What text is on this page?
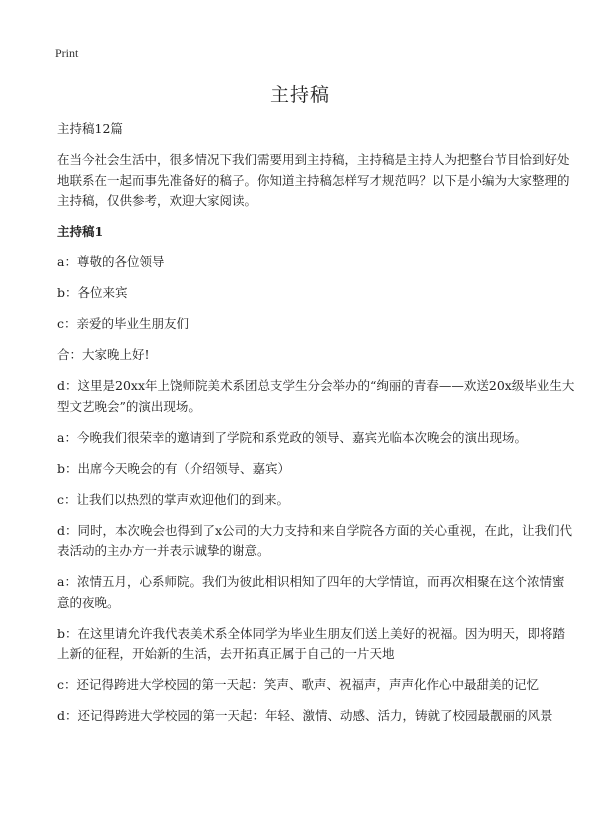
Print
主持稿

主持稿12篇

在当今社会生活中，很多情况下我们需要用到主持稿，主持稿是主持人为把整台节目恰到好处地联系在一起而事先准备好的稿子。你知道主持稿怎样写才规范吗？以下是小编为大家整理的主持稿，仅供参考，欢迎大家阅读。

主持稿1

a：尊敬的各位领导

b：各位来宾

c：亲爱的毕业生朋友们

合：大家晚上好!

d：这里是20xx年上饶师院美术系团总支学生分会举办的“绚丽的青春——欢送20x级毕业生大型文艺晚会”的演出现场。

a：今晚我们很荣幸的邀请到了学院和系党政的领导、嘉宾光临本次晚会的演出现场。

b：出席今天晚会的有（介绍领导、嘉宾）

c：让我们以热烈的掌声欢迎他们的到来。

d：同时，本次晚会也得到了x公司的大力支持和来自学院各方面的关心重视，在此，让我们代表活动的主办方一并表示诚挚的谢意。

a：浓情五月，心系师院。我们为彼此相识相知了四年的大学情谊，而再次相聚在这个浓情蜜意的夜晚。

b：在这里请允许我代表美术系全体同学为毕业生朋友们送上美好的祝福。因为明天，即将踏上新的征程，开始新的生活，去开拓真正属于自己的一片天地

c：还记得跨进大学校园的第一天起：笑声、歌声、祝福声，声声化作心中最甜美的记忆

d：还记得跨进大学校园的第一天起：年轻、激情、动感、活力，铸就了校园最靓丽的风景
